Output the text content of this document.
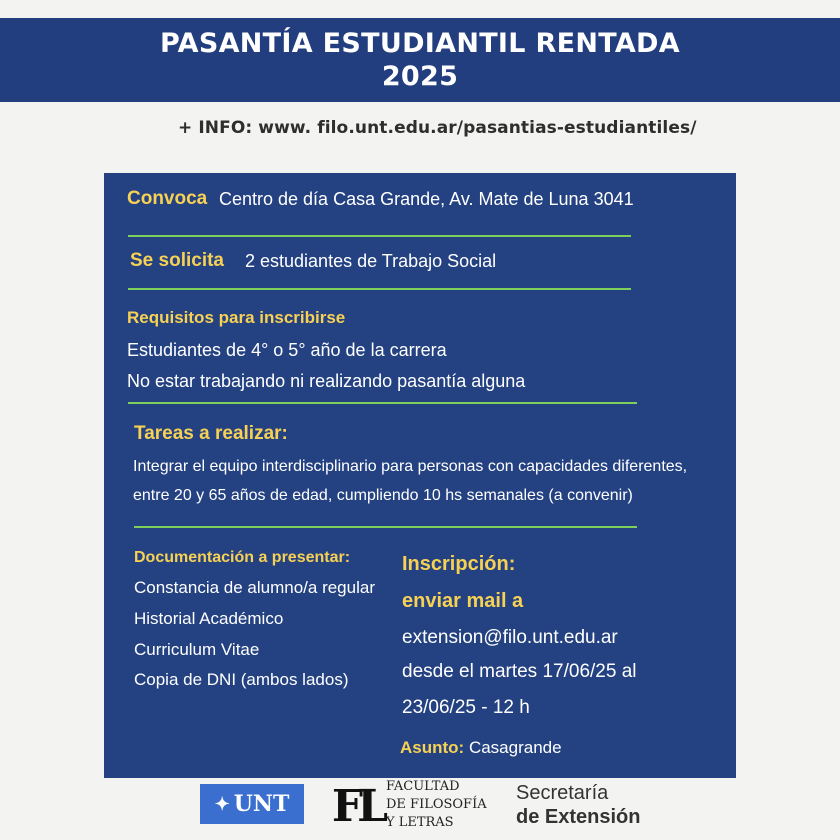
PASANTÍA ESTUDIANTIL RENTADA
2025
+ INFO: www. filo.unt.edu.ar/pasantias-estudiantiles/
Convoca Centro de día Casa Grande, Av. Mate de Luna 3041
Se solicita 2 estudiantes de Trabajo Social
Requisitos para inscribirse
Estudiantes de 4° o 5° año de la carrera
No estar trabajando ni realizando pasantía alguna
Tareas a realizar:
Integrar el equipo interdisciplinario para personas con capacidades diferentes,
entre 20 y 65 años de edad, cumpliendo 10 hs semanales (a convenir)
Documentación a presentar:
Constancia de alumno/a regular
Historial Académico
Curriculum Vitae
Copia de DNI (ambos lados)
Inscripción:
enviar mail a
extension@filo.unt.edu.ar
desde el martes 17/06/25 al
23/06/25 - 12 h
Asunto: Casagrande
✦ UNT FL FACULTAD
DE FILOSOFÍA
Y LETRAS
Secretaría
de Extensión
